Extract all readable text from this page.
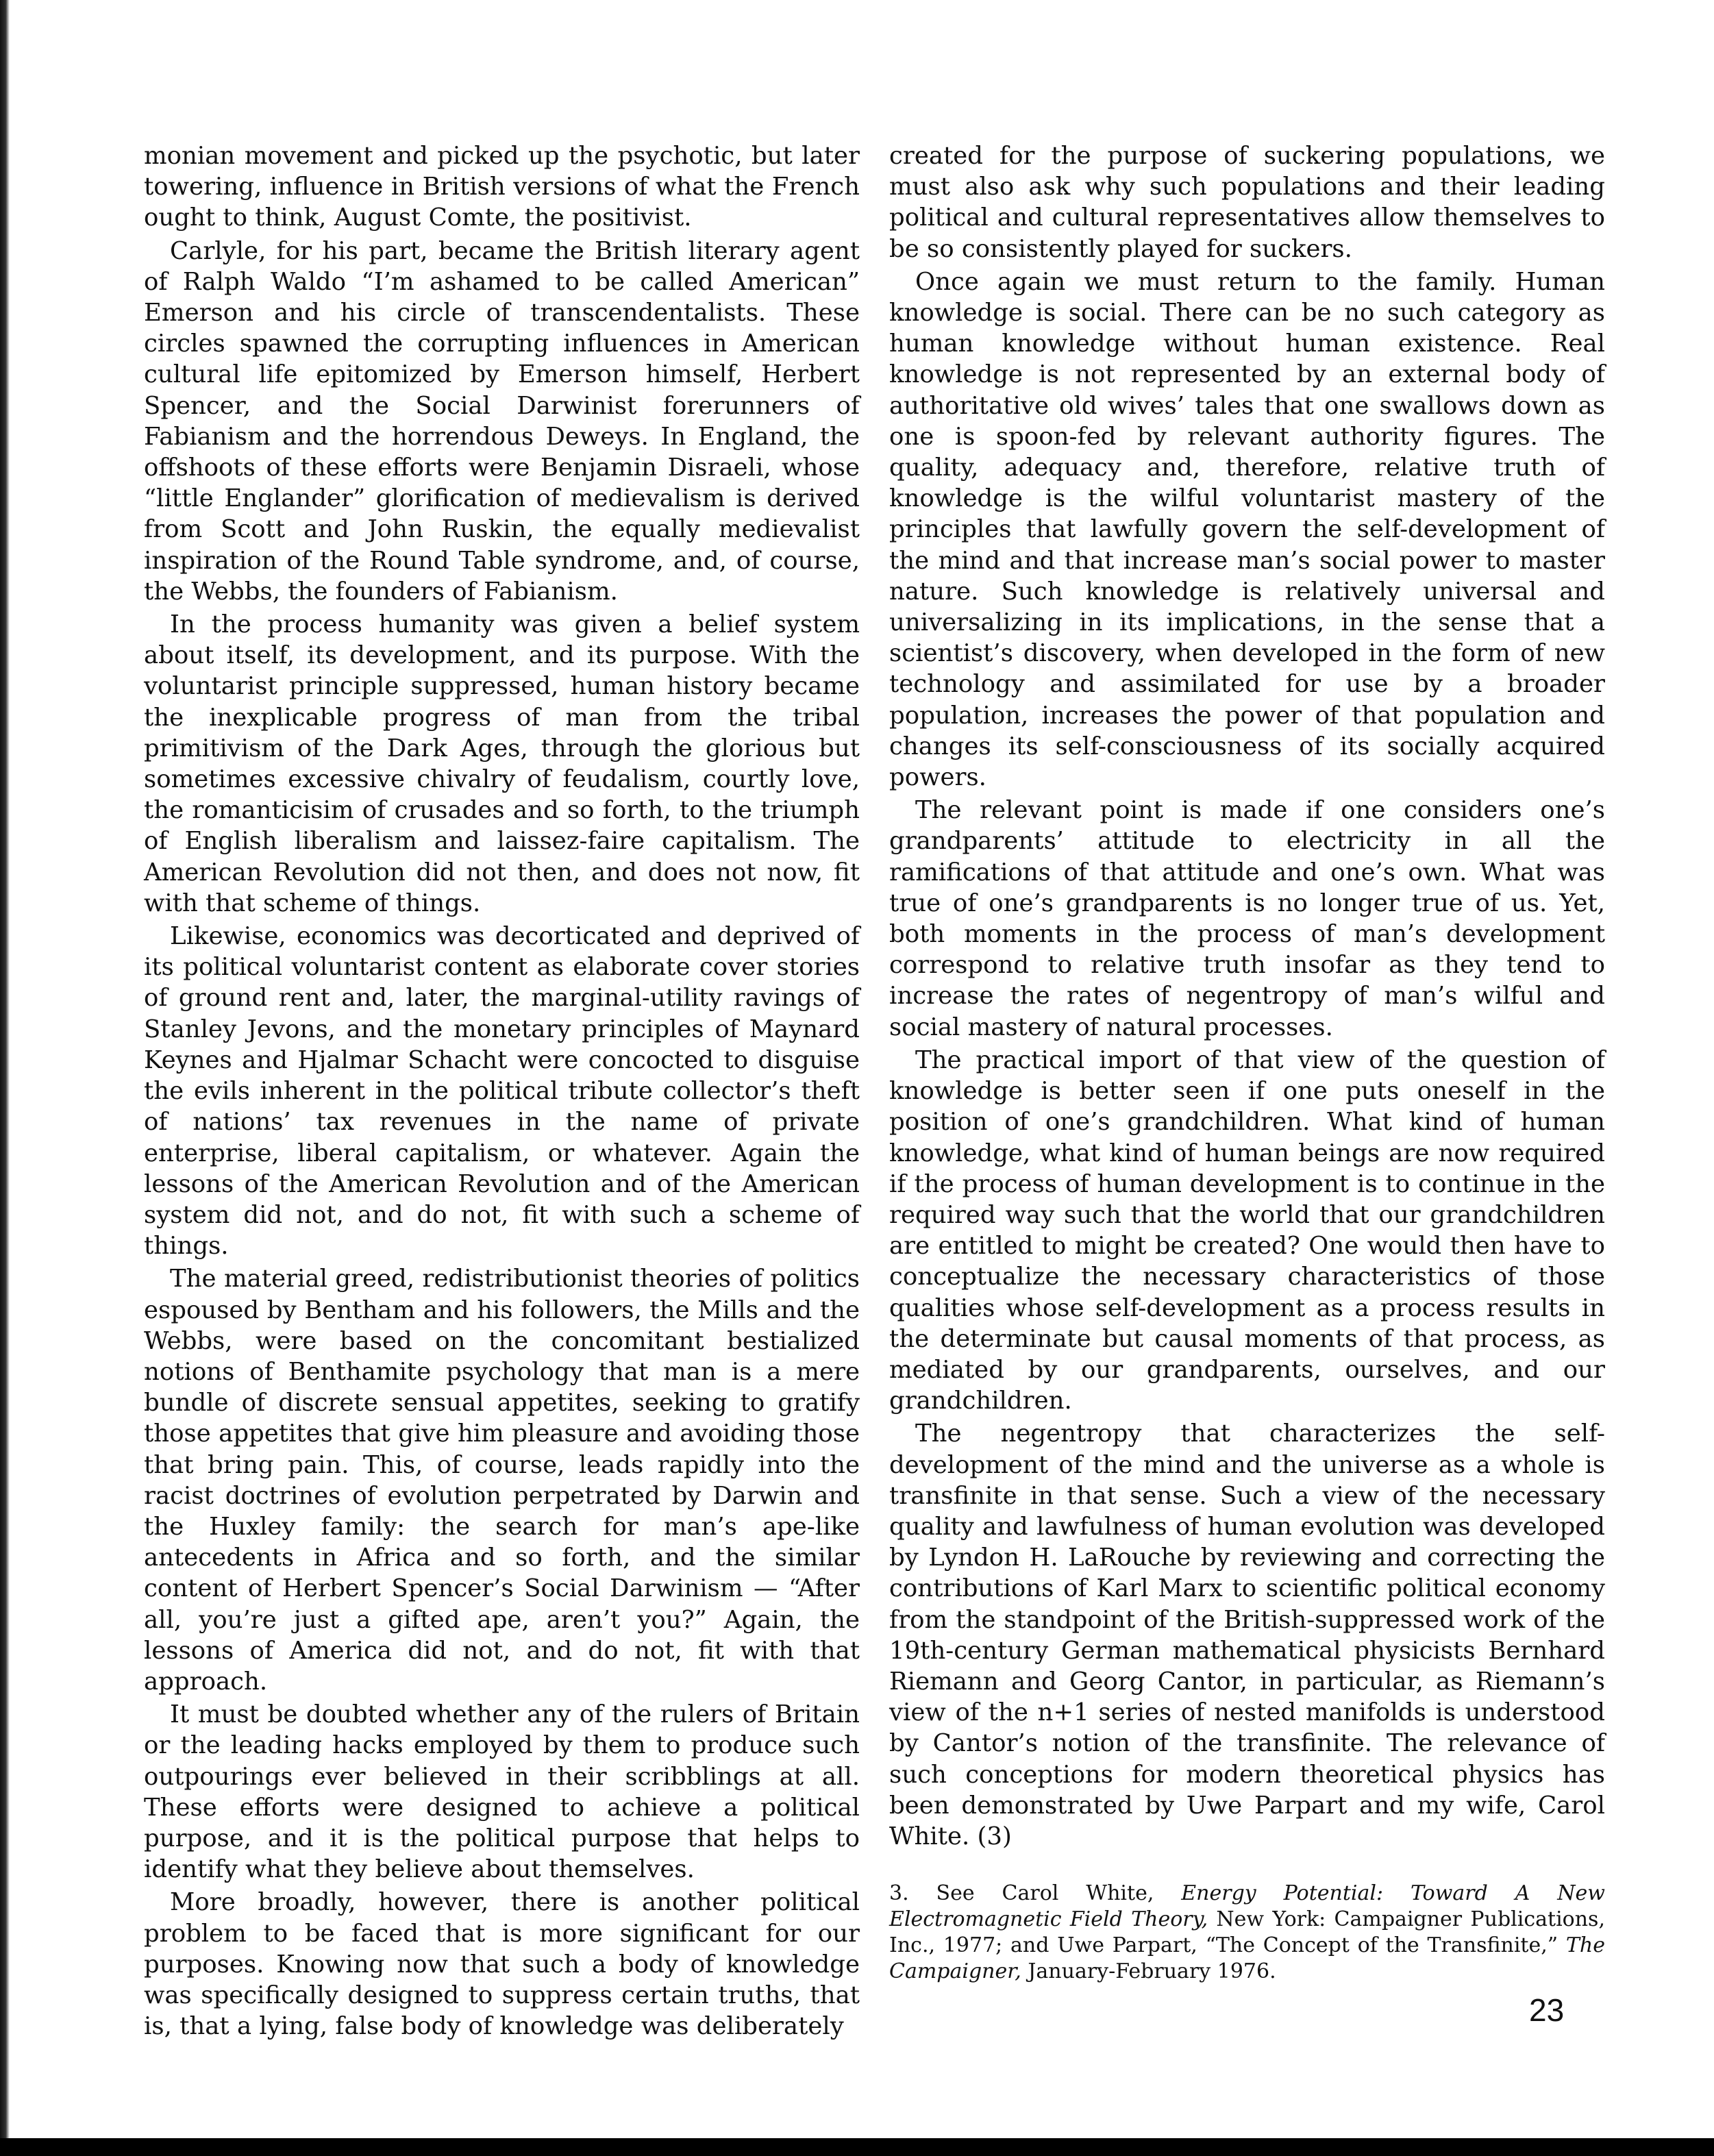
monian movement and picked up the psychotic, but later towering, influence in British versions of what the French ought to think, August Comte, the positivist.

Carlyle, for his part, became the British literary agent of Ralph Waldo “I’m ashamed to be called American” Emerson and his circle of transcendentalists. These circles spawned the corrupting influences in American cultural life epitomized by Emerson himself, Herbert Spencer, and the Social Darwinist forerunners of Fabianism and the horrendous Deweys. In England, the offshoots of these efforts were Benjamin Disraeli, whose “little Englander” glorification of medievalism is derived from Scott and John Ruskin, the equally medievalist inspiration of the Round Table syndrome, and, of course, the Webbs, the founders of Fabianism.

In the process humanity was given a belief system about itself, its development, and its purpose. With the voluntarist principle suppressed, human history became the inexplicable progress of man from the tribal primitivism of the Dark Ages, through the glorious but sometimes excessive chivalry of feudalism, courtly love, the romanticisim of crusades and so forth, to the triumph of English liberalism and laissez-faire capitalism. The American Revolution did not then, and does not now, fit with that scheme of things.

Likewise, economics was decorticated and deprived of its political voluntarist content as elaborate cover stories of ground rent and, later, the marginal-utility ravings of Stanley Jevons, and the monetary principles of Maynard Keynes and Hjalmar Schacht were concocted to disguise the evils inherent in the political tribute collector’s theft of nations’ tax revenues in the name of private enterprise, liberal capitalism, or whatever. Again the lessons of the American Revolution and of the American system did not, and do not, fit with such a scheme of things.

The material greed, redistributionist theories of politics espoused by Bentham and his followers, the Mills and the Webbs, were based on the concomitant bestialized notions of Benthamite psychology that man is a mere bundle of discrete sensual appetites, seeking to gratify those appetites that give him pleasure and avoiding those that bring pain. This, of course, leads rapidly into the racist doctrines of evolution perpetrated by Darwin and the Huxley family: the search for man’s ape-like antecedents in Africa and so forth, and the similar content of Herbert Spencer’s Social Darwinism — “After all, you’re just a gifted ape, aren’t you?” Again, the lessons of America did not, and do not, fit with that approach.

It must be doubted whether any of the rulers of Britain or the leading hacks employed by them to produce such outpourings ever believed in their scribblings at all. These efforts were designed to achieve a political purpose, and it is the political purpose that helps to identify what they believe about themselves.

More broadly, however, there is another political problem to be faced that is more significant for our purposes. Knowing now that such a body of knowledge was specifically designed to suppress certain truths, that is, that a lying, false body of knowledge was deliberately

created for the purpose of suckering populations, we must also ask why such populations and their leading political and cultural representatives allow themselves to be so consistently played for suckers.

Once again we must return to the family. Human knowledge is social. There can be no such category as human knowledge without human existence. Real knowledge is not represented by an external body of authoritative old wives’ tales that one swallows down as one is spoon-fed by relevant authority figures. The quality, adequacy and, therefore, relative truth of knowledge is the wilful voluntarist mastery of the principles that lawfully govern the self-development of the mind and that increase man’s social power to master nature. Such knowledge is relatively universal and universalizing in its implications, in the sense that a scientist’s discovery, when developed in the form of new technology and assimilated for use by a broader population, increases the power of that population and changes its self-consciousness of its socially acquired powers.

The relevant point is made if one considers one’s grandparents’ attitude to electricity in all the ramifications of that attitude and one’s own. What was true of one’s grandparents is no longer true of us. Yet, both moments in the process of man’s development correspond to relative truth insofar as they tend to increase the rates of negentropy of man’s wilful and social mastery of natural processes.

The practical import of that view of the question of knowledge is better seen if one puts oneself in the position of one’s grandchildren. What kind of human knowledge, what kind of human beings are now required if the process of human development is to continue in the required way such that the world that our grandchildren are entitled to might be created? One would then have to conceptualize the necessary characteristics of those qualities whose self-development as a process results in the determinate but causal moments of that process, as mediated by our grandparents, ourselves, and our grandchildren.

The negentropy that characterizes the self-development of the mind and the universe as a whole is transfinite in that sense. Such a view of the necessary quality and lawfulness of human evolution was developed by Lyndon H. LaRouche by reviewing and correcting the contributions of Karl Marx to scientific political economy from the standpoint of the British-suppressed work of the 19th-century German mathematical physicists Bernhard Riemann and Georg Cantor, in particular, as Riemann’s view of the n+1 series of nested manifolds is understood by Cantor’s notion of the transfinite. The relevance of such conceptions for modern theoretical physics has been demonstrated by Uwe Parpart and my wife, Carol White. (3)

3. See Carol White, Energy Potential: Toward A New Electromagnetic Field Theory, New York: Campaigner Publications, Inc., 1977; and Uwe Parpart, “The Concept of the Transfinite,” The Campaigner, January-February 1976.
23
